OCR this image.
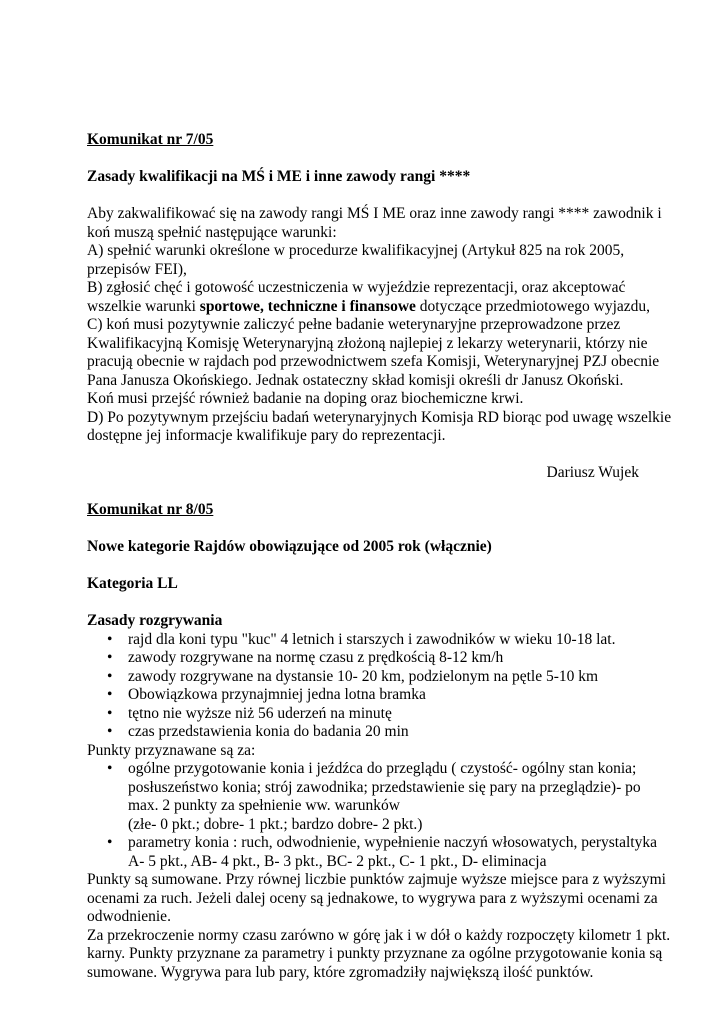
Komunikat nr 7/05
Zasady kwalifikacji na MŚ i ME i inne zawody rangi ****
Aby zakwalifikować się na zawody rangi MŚ I ME oraz inne zawody rangi **** zawodnik i
koń muszą spełnić następujące warunki:
A) spełnić warunki określone w procedurze kwalifikacyjnej (Artykuł 825 na rok 2005,
przepisów FEI),
B) zgłosić chęć i gotowość uczestniczenia w wyjeździe reprezentacji, oraz akceptować
wszelkie warunki sportowe, techniczne i finansowe dotyczące przedmiotowego wyjazdu,
C) koń musi pozytywnie zaliczyć pełne badanie weterynaryjne przeprowadzone przez
Kwalifikacyjną Komisję Weterynaryjną złożoną najlepiej z lekarzy weterynarii, którzy nie
pracują obecnie w rajdach pod przewodnictwem szefa Komisji, Weterynaryjnej PZJ obecnie
Pana Janusza Okońskiego. Jednak ostateczny skład komisji określi dr Janusz Okoński.
Koń musi przejść również badanie na doping oraz biochemiczne krwi.
D) Po pozytywnym przejściu badań weterynaryjnych Komisja RD biorąc pod uwagę wszelkie
dostępne jej informacje kwalifikuje pary do reprezentacji.
Dariusz Wujek
Komunikat nr 8/05
Nowe kategorie Rajdów obowiązujące od 2005 rok (włącznie)
Kategoria LL
Zasady rozgrywania
• rajd dla koni typu "kuc" 4 letnich i starszych i zawodników w wieku 10-18 lat.
• zawody rozgrywane na normę czasu z prędkością 8-12 km/h
• zawody rozgrywane na dystansie 10- 20 km, podzielonym na pętle 5-10 km
• Obowiązkowa przynajmniej jedna lotna bramka
• tętno nie wyższe niż 56 uderzeń na minutę
• czas przedstawienia konia do badania 20 min
Punkty przyznawane są za:
• ogólne przygotowanie konia i jeźdźca do przeglądu ( czystość- ogólny stan konia;
posłuszeństwo konia; strój zawodnika; przedstawienie się pary na przeglądzie)- po
max. 2 punkty za spełnienie ww. warunków
(złe- 0 pkt.; dobre- 1 pkt.; bardzo dobre- 2 pkt.)
• parametry konia : ruch, odwodnienie, wypełnienie naczyń włosowatych, perystaltyka
A- 5 pkt., AB- 4 pkt., B- 3 pkt., BC- 2 pkt., C- 1 pkt., D- eliminacja
Punkty są sumowane. Przy równej liczbie punktów zajmuje wyższe miejsce para z wyższymi
ocenami za ruch. Jeżeli dalej oceny są jednakowe, to wygrywa para z wyższymi ocenami za
odwodnienie.
Za przekroczenie normy czasu zarówno w górę jak i w dół o każdy rozpoczęty kilometr 1 pkt.
karny. Punkty przyznane za parametry i punkty przyznane za ogólne przygotowanie konia są
sumowane. Wygrywa para lub pary, które zgromadziły największą ilość punktów.
